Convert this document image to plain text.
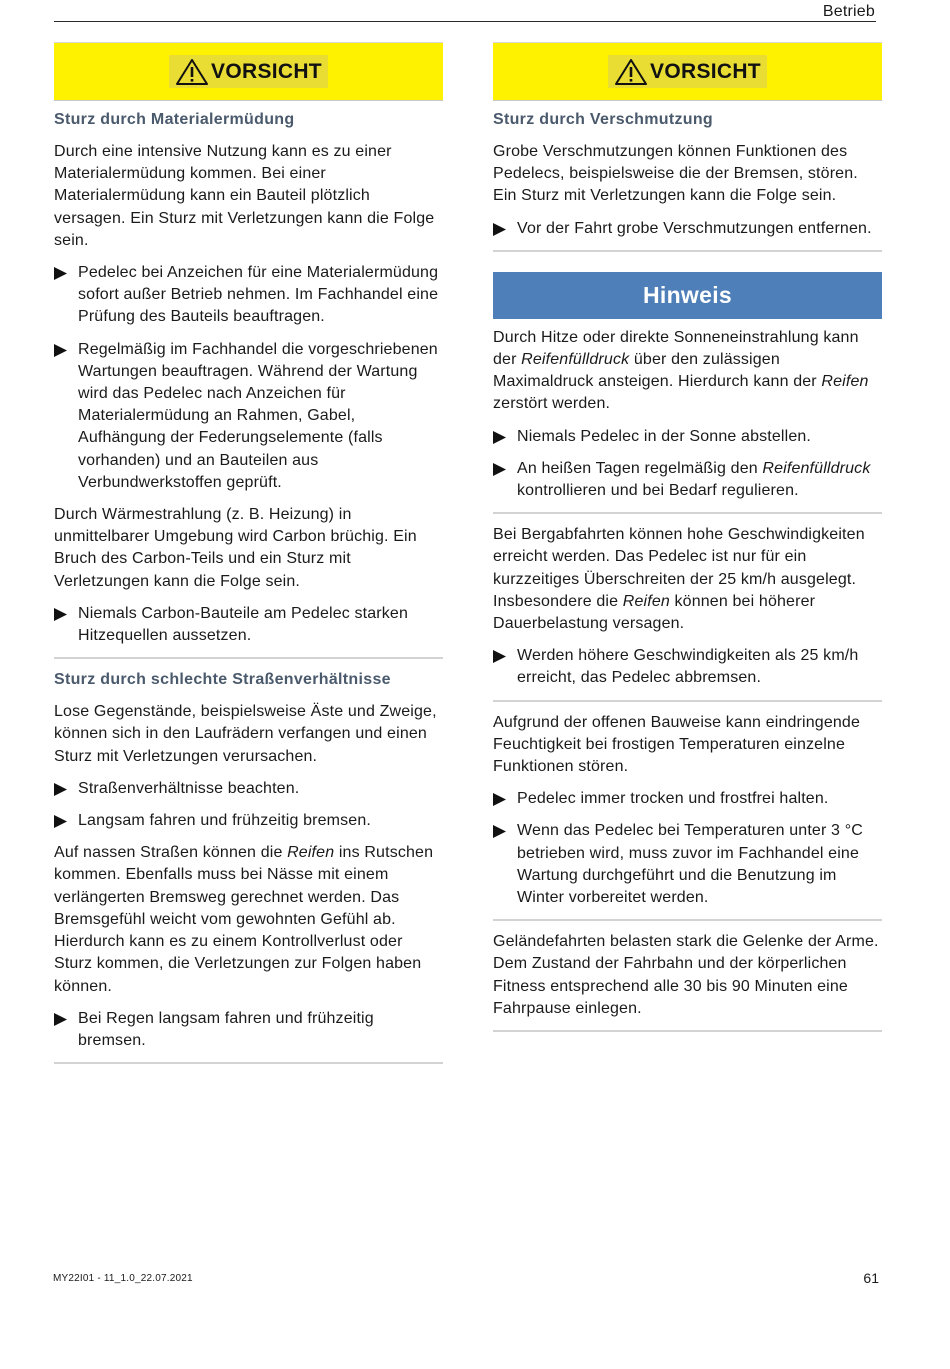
Betrieb
VORSICHT
Sturz durch Materialermüdung

Durch eine intensive Nutzung kann es zu einer Materialermüdung kommen. Bei einer Materialermüdung kann ein Bauteil plötzlich versagen. Ein Sturz mit Verletzungen kann die Folge sein.

Pedelec bei Anzeichen für eine Materialermüdung sofort außer Betrieb nehmen. Im Fachhandel eine Prüfung des Bauteils beauftragen.
Regelmäßig im Fachhandel die vorgeschriebenen Wartungen beauftragen. Während der Wartung wird das Pedelec nach Anzeichen für Materialermüdung an Rahmen, Gabel, Aufhängung der Federungselemente (falls vorhanden) und an Bauteilen aus Verbundwerkstoffen geprüft.

Durch Wärmestrahlung (z. B. Heizung) in unmittelbarer Umgebung wird Carbon brüchig. Ein Bruch des Carbon-Teils und ein Sturz mit Verletzungen kann die Folge sein.

Niemals Carbon-Bauteile am Pedelec starken Hitzequellen aussetzen.
Sturz durch schlechte Straßenverhältnisse

Lose Gegenstände, beispielsweise Äste und Zweige, können sich in den Laufrädern verfangen und einen Sturz mit Verletzungen verursachen.

Straßenverhältnisse beachten.
Langsam fahren und frühzeitig bremsen.

Auf nassen Straßen können die Reifen ins Rutschen kommen. Ebenfalls muss bei Nässe mit einem verlängerten Bremsweg gerechnet werden. Das Bremsgefühl weicht vom gewohnten Gefühl ab. Hierdurch kann es zu einem Kontrollverlust oder Sturz kommen, die Verletzungen zur Folgen haben können.

Bei Regen langsam fahren und frühzeitig bremsen.
VORSICHT
Sturz durch Verschmutzung

Grobe Verschmutzungen können Funktionen des Pedelecs, beispielsweise die der Bremsen, stören. Ein Sturz mit Verletzungen kann die Folge sein.

Vor der Fahrt grobe Verschmutzungen entfernen.
Hinweis

Durch Hitze oder direkte Sonneneinstrahlung kann der Reifenfülldruck über den zulässigen Maximaldruck ansteigen. Hierdurch kann der Reifen zerstört werden.

Niemals Pedelec in der Sonne abstellen.
An heißen Tagen regelmäßig den Reifenfülldruck kontrollieren und bei Bedarf regulieren.

Bei Bergabfahrten können hohe Geschwindigkeiten erreicht werden. Das Pedelec ist nur für ein kurzzeitiges Überschreiten der 25 km/h ausgelegt. Insbesondere die Reifen können bei höherer Dauerbelastung versagen.

Werden höhere Geschwindigkeiten als 25 km/h erreicht, das Pedelec abbremsen.

Aufgrund der offenen Bauweise kann eindringende Feuchtigkeit bei frostigen Temperaturen einzelne Funktionen stören.

Pedelec immer trocken und frostfrei halten.
Wenn das Pedelec bei Temperaturen unter 3 °C betrieben wird, muss zuvor im Fachhandel eine Wartung durchgeführt und die Benutzung im Winter vorbereitet werden.

Geländefahrten belasten stark die Gelenke der Arme. Dem Zustand der Fahrbahn und der körperlichen Fitness entsprechend alle 30 bis 90 Minuten eine Fahrpause einlegen.

MY22I01 - 11_1.0_22.07.2021	61
